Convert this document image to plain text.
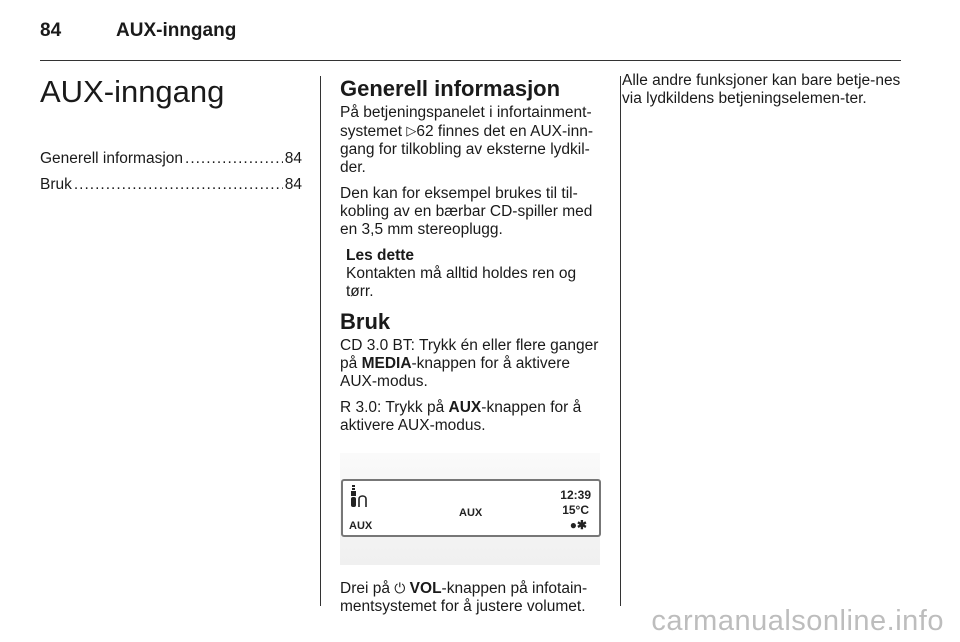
84	AUX-inngang
AUX-inngang
Generell informasjon .....	84
Bruk .....	84
Generell informasjon

På betjeningspanelet i infortainment-systemet ▷62 finnes det en AUX-inn-gang for tilkobling av eksterne lydkil-der.

Den kan for eksempel brukes til til-kobling av en bærbar CD-spiller med en 3,5 mm stereoplugg.

Les dette

Kontakten må alltid holdes ren og tørr.

Bruk

CD 3.0 BT: Trykk én eller flere ganger på MEDIA-knappen for å aktivere AUX-modus.

R 3.0: Trykk på AUX-knappen for å aktivere AUX-modus.

AUX
AUX
12:39
15°C
●✱

Drei på ⏻ VOL-knappen på infotain-mentsystemet for å justere volumet.

Alle andre funksjoner kan bare betje-nes via lydkildens betjeningselemen-ter.

carmanualsonline.info
